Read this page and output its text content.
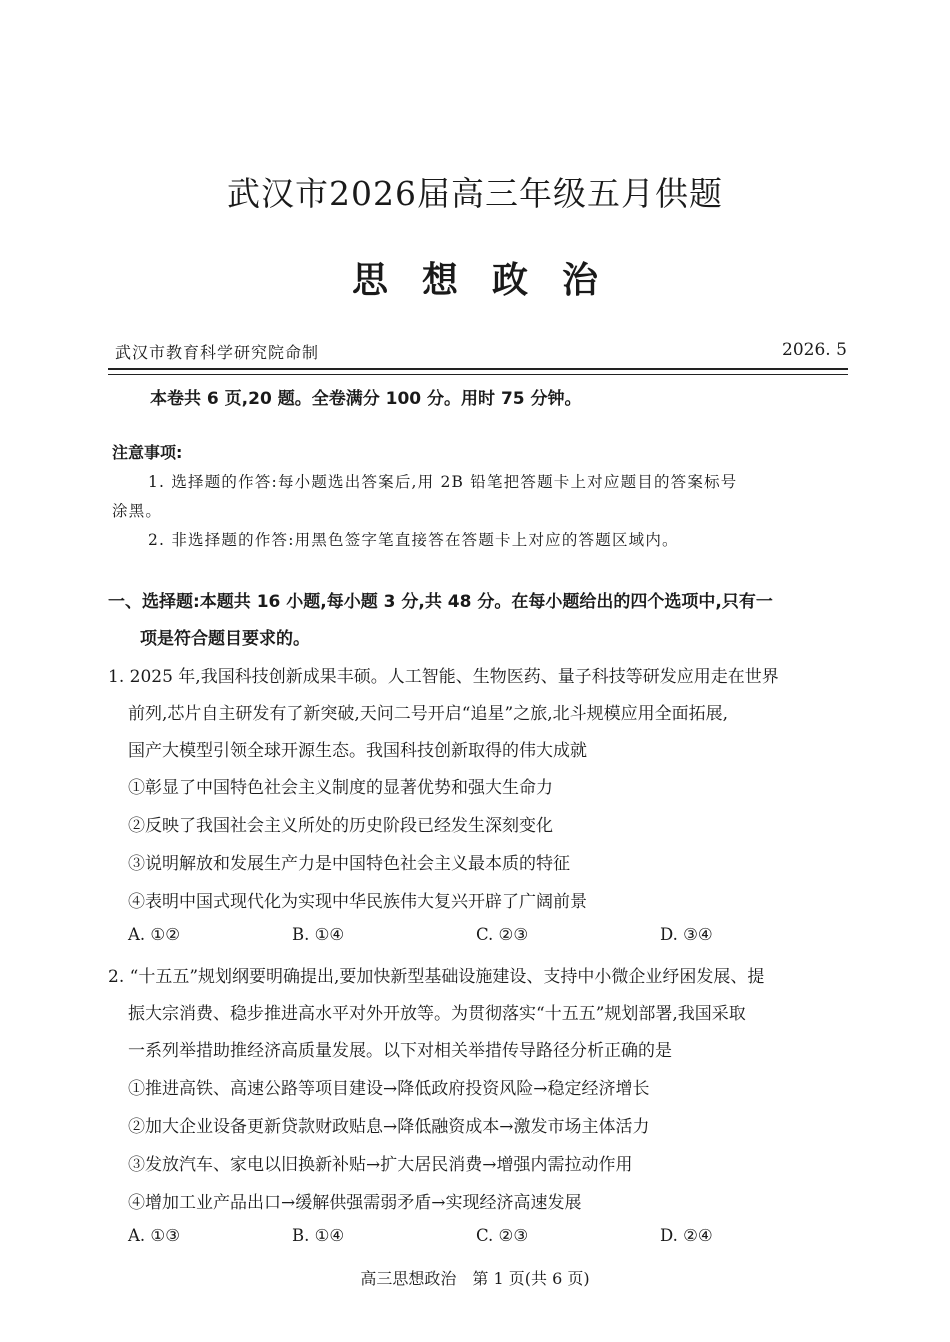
武汉市2026届高三年级五月供题
思想政治
武汉市教育科学研究院命制	2026. 5
本卷共 6 页,20 题。全卷满分 100 分。用时 75 分钟。
注意事项:
1. 选择题的作答:每小题选出答案后,用 2B 铅笔把答题卡上对应题目的答案标号
涂黑。
2. 非选择题的作答:用黑色签字笔直接答在答题卡上对应的答题区域内。
一、选择题:本题共 16 小题,每小题 3 分,共 48 分。在每小题给出的四个选项中,只有一
项是符合题目要求的。
1. 2025 年,我国科技创新成果丰硕。人工智能、生物医药、量子科技等研发应用走在世界
前列,芯片自主研发有了新突破,天问二号开启“追星”之旅,北斗规模应用全面拓展,
国产大模型引领全球开源生态。我国科技创新取得的伟大成就
①彰显了中国特色社会主义制度的显著优势和强大生命力
②反映了我国社会主义所处的历史阶段已经发生深刻变化
③说明解放和发展生产力是中国特色社会主义最本质的特征
④表明中国式现代化为实现中华民族伟大复兴开辟了广阔前景
A. ①②	B. ①④	C. ②③	D. ③④
2. “十五五”规划纲要明确提出,要加快新型基础设施建设、支持中小微企业纾困发展、提
振大宗消费、稳步推进高水平对外开放等。为贯彻落实“十五五”规划部署,我国采取
一系列举措助推经济高质量发展。以下对相关举措传导路径分析正确的是
①推进高铁、高速公路等项目建设→降低政府投资风险→稳定经济增长
②加大企业设备更新贷款财政贴息→降低融资成本→激发市场主体活力
③发放汽车、家电以旧换新补贴→扩大居民消费→增强内需拉动作用
④增加工业产品出口→缓解供强需弱矛盾→实现经济高速发展
A. ①③	B. ①④	C. ②③	D. ②④
高三思想政治　第 1 页(共 6 页)
